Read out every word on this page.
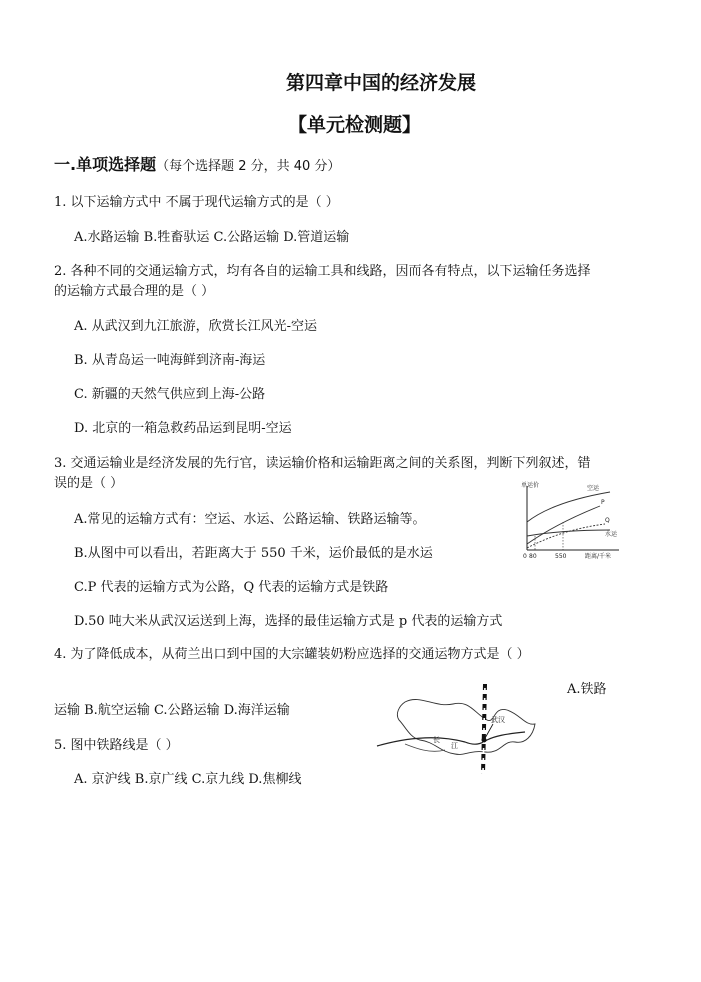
第四章中国的经济发展
【单元检测题】
一.单项选择题（每个选择题 2 分，共 40 分）
1. 以下运输方式中 不属于现代运输方式的是（ ）
A.水路运输 B.牲畜驮运 C.公路运输 D.管道运输
2. 各种不同的交通运输方式，均有各自的运输工具和线路，因而各有特点，以下运输任务选择
的运输方式最合理的是（ ）
A. 从武汉到九江旅游，欣赏长江风光-空运
B. 从青岛运一吨海鲜到济南-海运
C. 新疆的天然气供应到上海-公路
D. 北京的一箱急救药品运到昆明-空运
3. 交通运输业是经济发展的先行官，读运输价格和运输距离之间的关系图，判断下列叙述，错
误的是（ ）
A.常见的运输方式有：空运、水运、公路运输、铁路运输等。
B.从图中可以看出，若距离大于 550 千米，运价最低的是水运
C.P 代表的运输方式为公路，Q 代表的运输方式是铁路
D.50 吨大米从武汉运送到上海，选择的最佳运输方式是 p 代表的运输方式
单运价
距离/千米
0 80	550
空运
P
Q
水运
4. 为了降低成本，从荷兰出口到中国的大宗罐装奶粉应选择的交通运物方式是（ ）
A.铁路
运输 B.航空运输 C.公路运输 D.海洋运输
武汉
长
江
5. 图中铁路线是（ ）
A. 京沪线 B.京广线 C.京九线 D.焦柳线
